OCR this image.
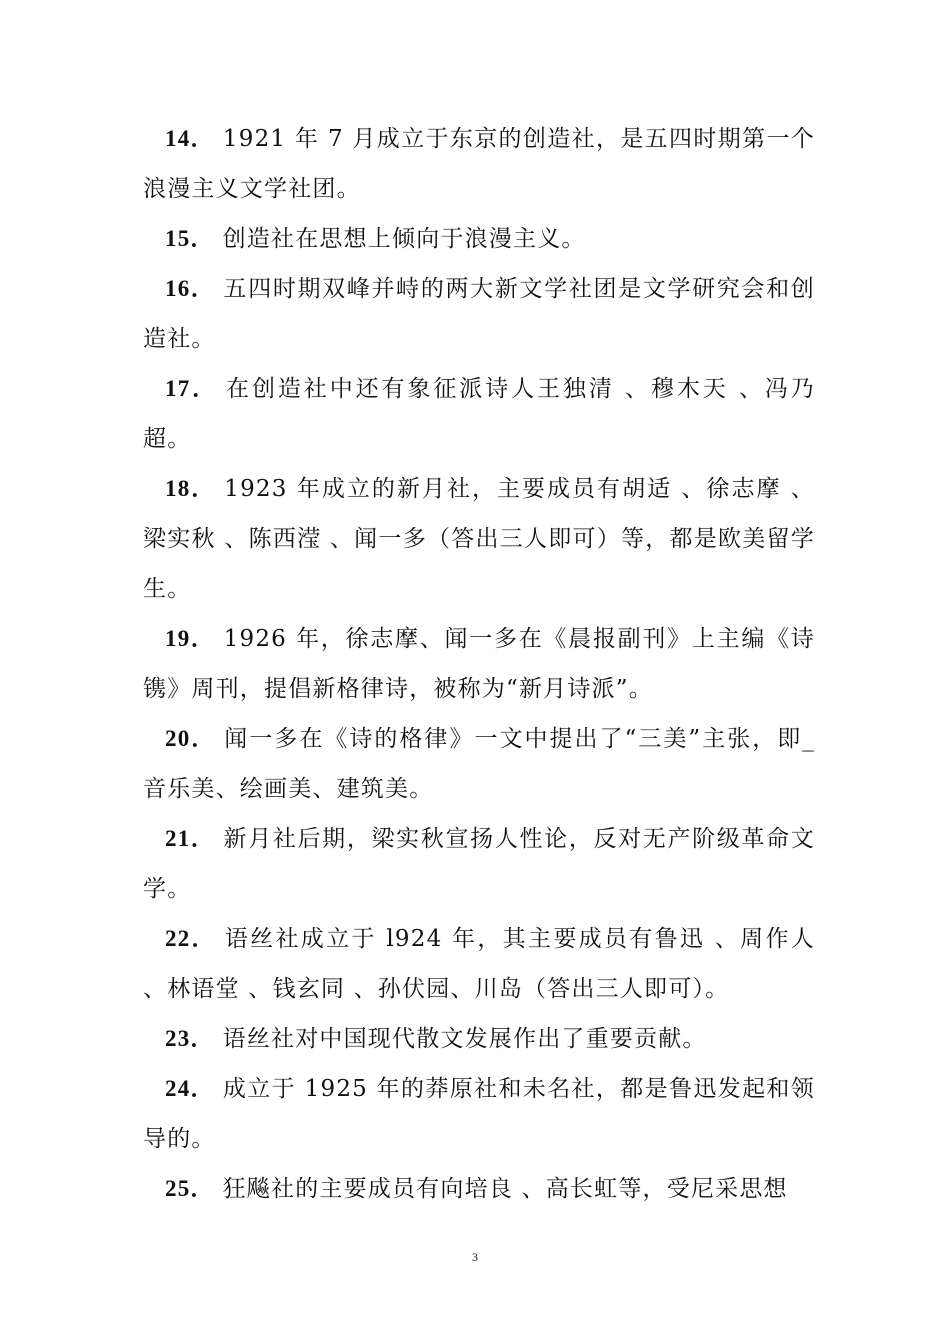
14． 1921 年 7 月成立于东京的创造社，是五四时期第一个浪漫主义文学社团。

15． 创造社在思想上倾向于浪漫主义。

16． 五四时期双峰并峙的两大新文学社团是文学研究会和创造社。

17． 在创造社中还有象征派诗人王独清 、穆木天 、冯乃超。

18． 1923 年成立的新月社，主要成员有胡适 、徐志摩 、梁实秋 、陈西滢 、闻一多（答出三人即可）等，都是欧美留学生。

19． 1926 年，徐志摩、闻一多在《晨报副刊》上主编《诗镌》周刊，提倡新格律诗，被称为“新月诗派”。

20． 闻一多在《诗的格律》一文中提出了“三美”主张，即_音乐美、绘画美、建筑美。

21． 新月社后期，梁实秋宣扬人性论，反对无产阶级革命文学。

22． 语丝社成立于 l924 年，其主要成员有鲁迅 、周作人 、林语堂 、钱玄同 、孙伏园、川岛（答出三人即可）。

23． 语丝社对中国现代散文发展作出了重要贡献。

24． 成立于 1925 年的莽原社和未名社，都是鲁迅发起和领导的。

25． 狂飚社的主要成员有向培良 、高长虹等，受尼采思想

3
